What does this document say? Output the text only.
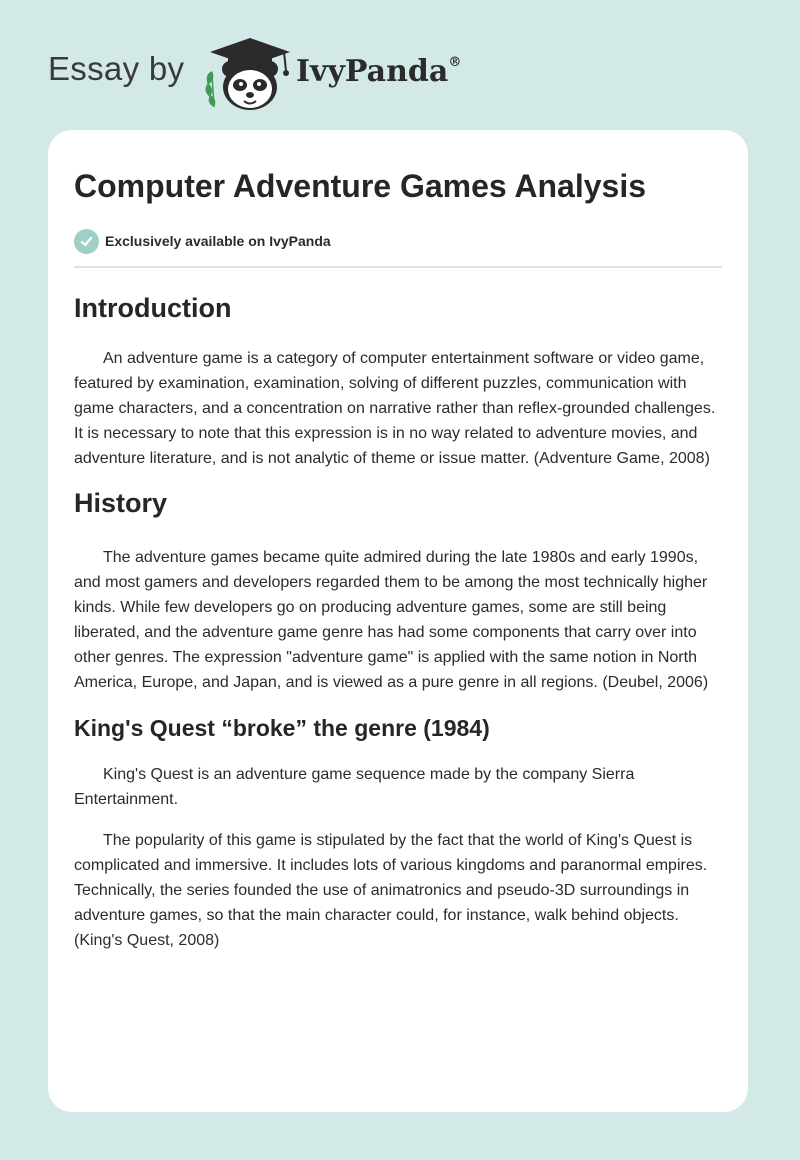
Essay by	IvyPanda®
Computer Adventure Games Analysis
Exclusively available on IvyPanda
Introduction

An adventure game is a category of computer entertainment software or video game, featured by examination, examination, solving of different puzzles, communication with game characters, and a concentration on narrative rather than reflex-grounded challenges. It is necessary to note that this expression is in no way related to adventure movies, and adventure literature, and is not analytic of theme or issue matter. (Adventure Game, 2008)

History

The adventure games became quite admired during the late 1980s and early 1990s, and most gamers and developers regarded them to be among the most technically higher kinds. While few developers go on producing adventure games, some are still being liberated, and the adventure game genre has had some components that carry over into other genres. The expression "adventure game" is applied with the same notion in North America, Europe, and Japan, and is viewed as a pure genre in all regions. (Deubel, 2006)

King's Quest “broke” the genre (1984)

King's Quest is an adventure game sequence made by the company Sierra Entertainment.

The popularity of this game is stipulated by the fact that the world of King's Quest is complicated and immersive. It includes lots of various kingdoms and paranormal empires. Technically, the series founded the use of animatronics and pseudo-3D surroundings in adventure games, so that the main character could, for instance, walk behind objects. (King's Quest, 2008)
